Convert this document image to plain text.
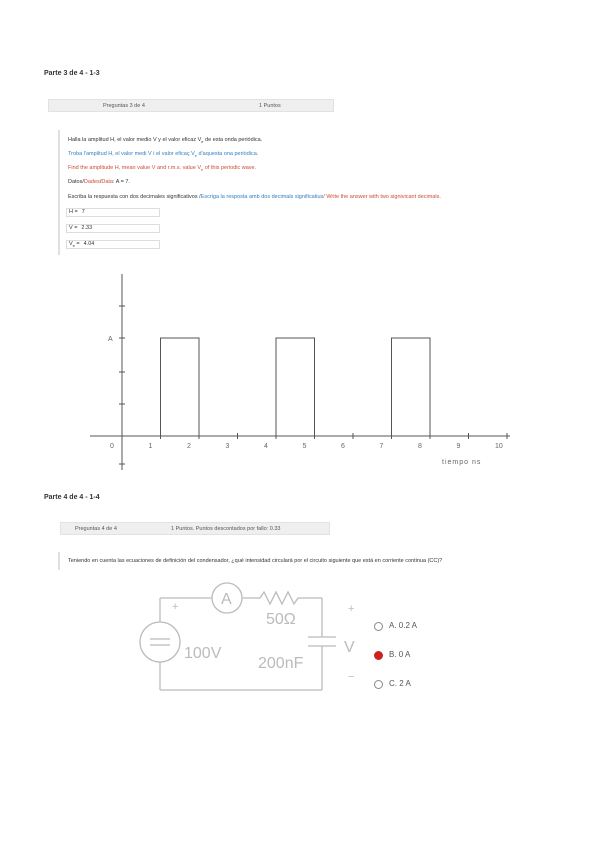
Parte 3 de 4 - 1-3
Preguntas 3 de 4	1 Puntos
Halla la amplitud H, el valor medio V y el valor eficaz $V_e$ de esta onda periódica.
Troba l'amplitud H, el valor medi V i el valor eficaç $V_e$ d'aquesta ona periòdica.
Find the amplitude H, mean value V and r.m.s. value $V_e$ of this periodic wave.
Datos/Dades/Data: A = 7.
Escriba la respuesta con dos decimales significativos /Escriga la resposta amb dos decimals significatius/ Write the answer with two signivicant decimals.
H = 7
V = 2.33
$V_e = 4.04$
0	1	2	3	4	5	6	7	8	9	10
A
tiempo ns
Parte 4 de 4 - 1-4
Preguntas 4 de 4	1 Puntos. Puntos descontados por fallo: 0.33
Teniendo en cuenta las ecuaciones de definición del condensador, ¿qué intensidad circulará por el circuito siguiente que está en corriente continua (CC)?
A
50Ω
100V
200nF
V
+	+
−
A. 0.2 A
B. 0 A
C. 2 A
